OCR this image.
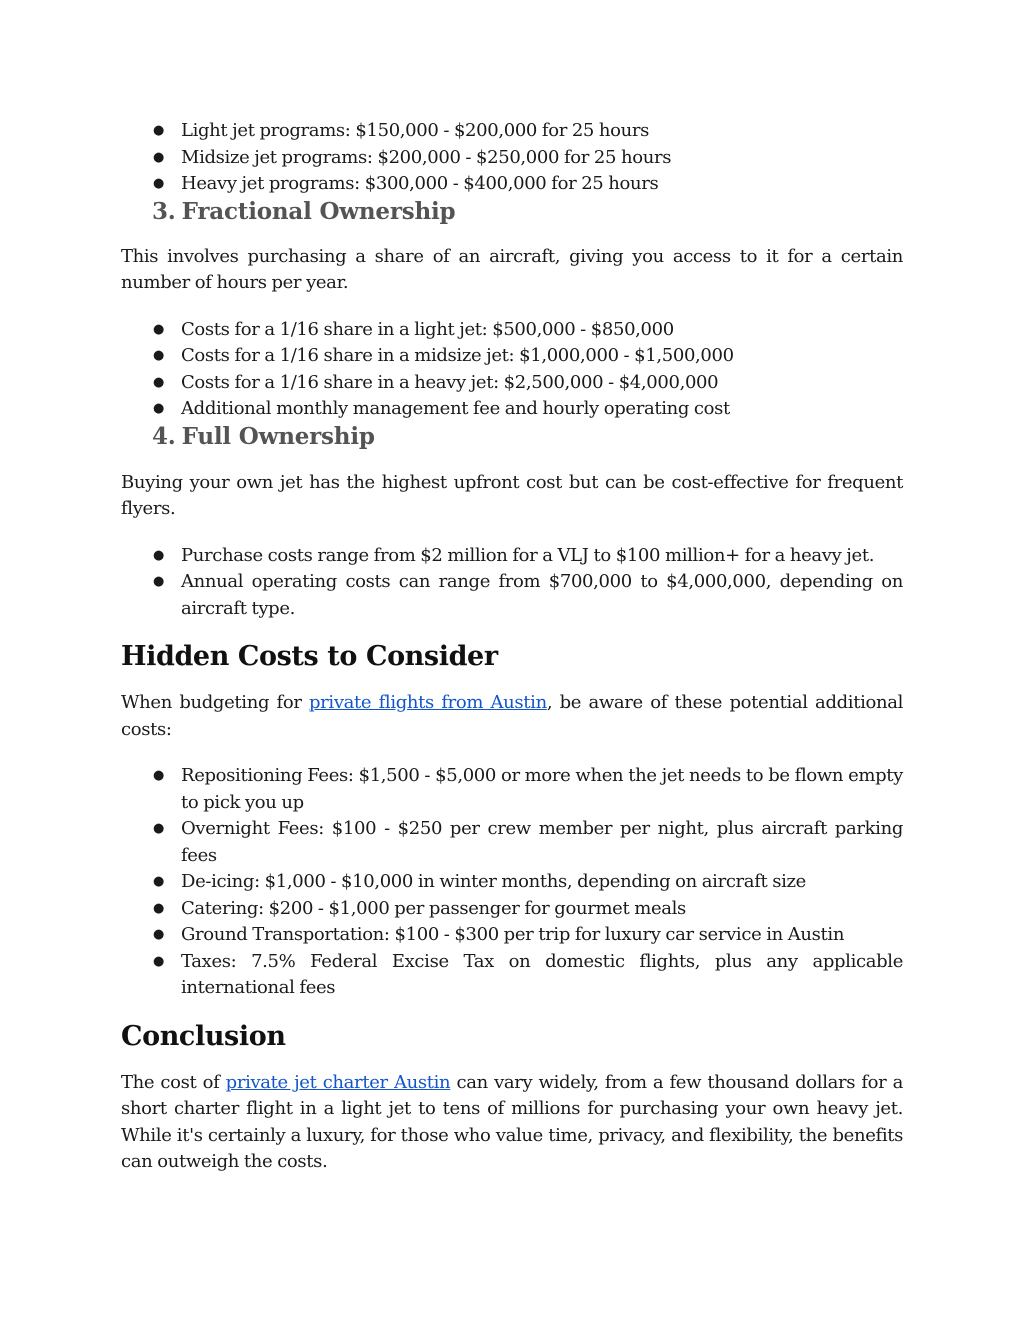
● Light jet programs: $150,000 - $200,000 for 25 hours
● Midsize jet programs: $200,000 - $250,000 for 25 hours
● Heavy jet programs: $300,000 - $400,000 for 25 hours
3. Fractional Ownership

This involves purchasing a share of an aircraft, giving you access to it for a certain number of hours per year.

● Costs for a 1/16 share in a light jet: $500,000 - $850,000
● Costs for a 1/16 share in a midsize jet: $1,000,000 - $1,500,000
● Costs for a 1/16 share in a heavy jet: $2,500,000 - $4,000,000
● Additional monthly management fee and hourly operating cost
4. Full Ownership

Buying your own jet has the highest upfront cost but can be cost-effective for frequent flyers.

● Purchase costs range from $2 million for a VLJ to $100 million+ for a heavy jet.
● Annual operating costs can range from $700,000 to $4,000,000, depending on aircraft type.
Hidden Costs to Consider

When budgeting for private flights from Austin, be aware of these potential additional costs:

● Repositioning Fees: $1,500 - $5,000 or more when the jet needs to be flown empty to pick you up
● Overnight Fees: $100 - $250 per crew member per night, plus aircraft parking fees
● De-icing: $1,000 - $10,000 in winter months, depending on aircraft size
● Catering: $200 - $1,000 per passenger for gourmet meals
● Ground Transportation: $100 - $300 per trip for luxury car service in Austin
● Taxes: 7.5% Federal Excise Tax on domestic flights, plus any applicable international fees
Conclusion

The cost of private jet charter Austin can vary widely, from a few thousand dollars for a short charter flight in a light jet to tens of millions for purchasing your own heavy jet. While it's certainly a luxury, for those who value time, privacy, and flexibility, the benefits can outweigh the costs.
